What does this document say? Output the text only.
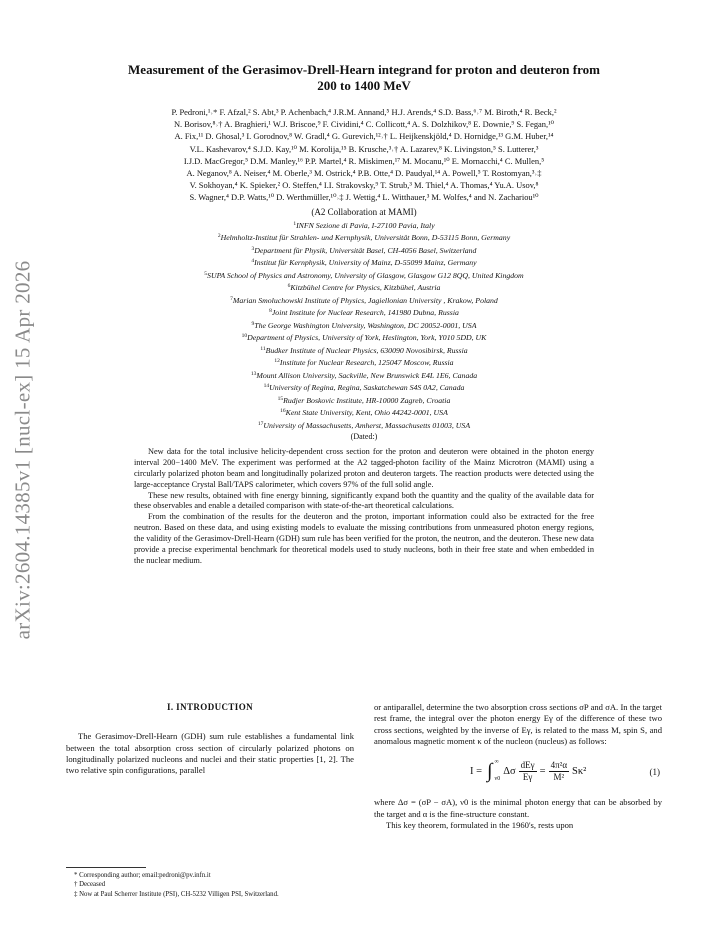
arXiv:2604.14385v1 [nucl-ex] 15 Apr 2026
Measurement of the Gerasimov-Drell-Hearn integrand for proton and deuteron from
200 to 1400 MeV
P. Pedroni,¹˒* F. Afzal,² S. Abt,³ P. Achenbach,⁴ J.R.M. Annand,⁵ H.J. Arends,⁴ S.D. Bass,⁶˒⁷ M. Biroth,⁴ R. Beck,²
N. Borisov,⁸˒† A. Braghieri,¹ W.J. Briscoe,⁹ F. Cividini,⁴ C. Collicott,⁴ A. S. Dolzhikov,⁸ E. Downie,⁹ S. Fegan,¹⁰
A. Fix,¹¹ D. Ghosal,³ I. Gorodnov,⁸ W. Gradl,⁴ G. Gurevich,¹²˒† L. Heijkenskjöld,⁴ D. Hornidge,¹³ G.M. Huber,¹⁴
V.L. Kashevarov,⁴ S.J.D. Kay,¹⁰ M. Korolija,¹⁵ B. Krusche,³˒† A. Lazarev,⁸ K. Livingston,⁵ S. Lutterer,³
I.J.D. MacGregor,⁵ D.M. Manley,¹⁶ P.P. Martel,⁴ R. Miskimen,¹⁷ M. Mocanu,¹⁰ E. Mornacchi,⁴ C. Mullen,⁵
A. Neganov,⁸ A. Neiser,⁴ M. Oberle,³ M. Ostrick,⁴ P.B. Otte,⁴ D. Paudyal,¹⁴ A. Powell,⁵ T. Rostomyan,³˒‡
V. Sokhoyan,⁴ K. Spieker,² O. Steffen,⁴ I.I. Strakovsky,⁹ T. Strub,³ M. Thiel,⁴ A. Thomas,⁴ Yu.A. Usov,⁸
S. Wagner,⁴ D.P. Watts,¹⁰ D. Werthmüller,¹⁰˒‡ J. Wettig,⁴ L. Witthauer,³ M. Wolfes,⁴ and N. Zachariou¹⁰
(A2 Collaboration at MAMI)
$^1$INFN Sezione di Pavia, I-27100 Pavia, Italy
$^2$Helmholtz-Institut für Strahlen- und Kernphysik, Universität Bonn, D-53115 Bonn, Germany
$^3$Department für Physik, Universität Basel, CH-4056 Basel, Switzerland
$^4$Institut für Kernphysik, University of Mainz, D-55099 Mainz, Germany
$^5$SUPA School of Physics and Astronomy, University of Glasgow, Glasgow G12 8QQ, United Kingdom
$^6$Kitzbühel Centre for Physics, Kitzbühel, Austria
$^7$Marian Smoluchowski Institute of Physics, Jagiellonian University , Krakow, Poland
$^8$Joint Institute for Nuclear Research, 141980 Dubna, Russia
$^9$The George Washington University, Washington, DC 20052-0001, USA
$^{10}$Department of Physics, University of York, Heslington, York, Y010 5DD, UK
$^{11}$Budker Institute of Nuclear Physics, 630090 Novosibirsk, Russia
$^{12}$Institute for Nuclear Research, 125047 Moscow, Russia
$^{13}$Mount Allison University, Sackville, New Brunswick E4L 1E6, Canada
$^{14}$University of Regina, Regina, Saskatchewan S4S 0A2, Canada
$^{15}$Rudjer Boskovic Institute, HR-10000 Zagreb, Croatia
$^{16}$Kent State University, Kent, Ohio 44242-0001, USA
$^{17}$University of Massachusetts, Amherst, Massachusetts 01003, USA
(Dated:)

New data for the total inclusive helicity-dependent cross section for the proton and deuteron were obtained in the photon energy interval 200−1400 MeV. The experiment was performed at the A2 tagged-photon facility of the Mainz Microtron (MAMI) using a circularly polarized photon beam and longitudinally polarized proton and deuteron targets. The reaction products were detected using the large-acceptance Crystal Ball/TAPS calorimeter, which covers 97% of the full solid angle.

These new results, obtained with fine energy binning, significantly expand both the quantity and the quality of the available data for these observables and enable a detailed comparison with state-of-the-art theoretical calculations.

From the combination of the results for the deuteron and the proton, important information could also be extracted for the free neutron. Based on these data, and using existing models to evaluate the missing contributions from unmeasured photon energy regions, the validity of the Gerasimov-Drell-Hearn (GDH) sum rule has been verified for the proton, the neutron, and the deuteron. These new data provide a precise experimental benchmark for theoretical models used to study nucleons, both in their free state and when embedded in the nuclear medium.

I. INTRODUCTION

The Gerasimov-Drell-Hearn (GDH) sum rule establishes a fundamental link between the total absorption cross section of circularly polarized photons on longitudinally polarized nucleons and nuclei and their static properties [1, 2]. The two relative spin configurations, parallel

or antiparallel, determine the two absorption cross sections σP and σA. In the target rest frame, the integral over the photon energy Eγ of the difference of these two cross sections, weighted by the inverse of Eγ, is related to the mass M, spin S, and anomalous magnetic moment κ of the nucleon (nucleus) as follows:

I = ∫ ∞
ν0
Δσ $\frac{\text{dEγ}}{E\gamma} = \frac{\text{4π²α}}{\text{M²}} S\kappa^2$	(1)

where Δσ = (σP − σA), ν0 is the minimal photon energy that can be absorbed by the target and α is the fine-structure constant.

This key theorem, formulated in the 1960's, rests upon

* Corresponding author; email:pedroni@pv.infn.it

† Deceased

‡ Now at Paul Scherrer Institute (PSI), CH-5232 Villigen PSI, Switzerland.
